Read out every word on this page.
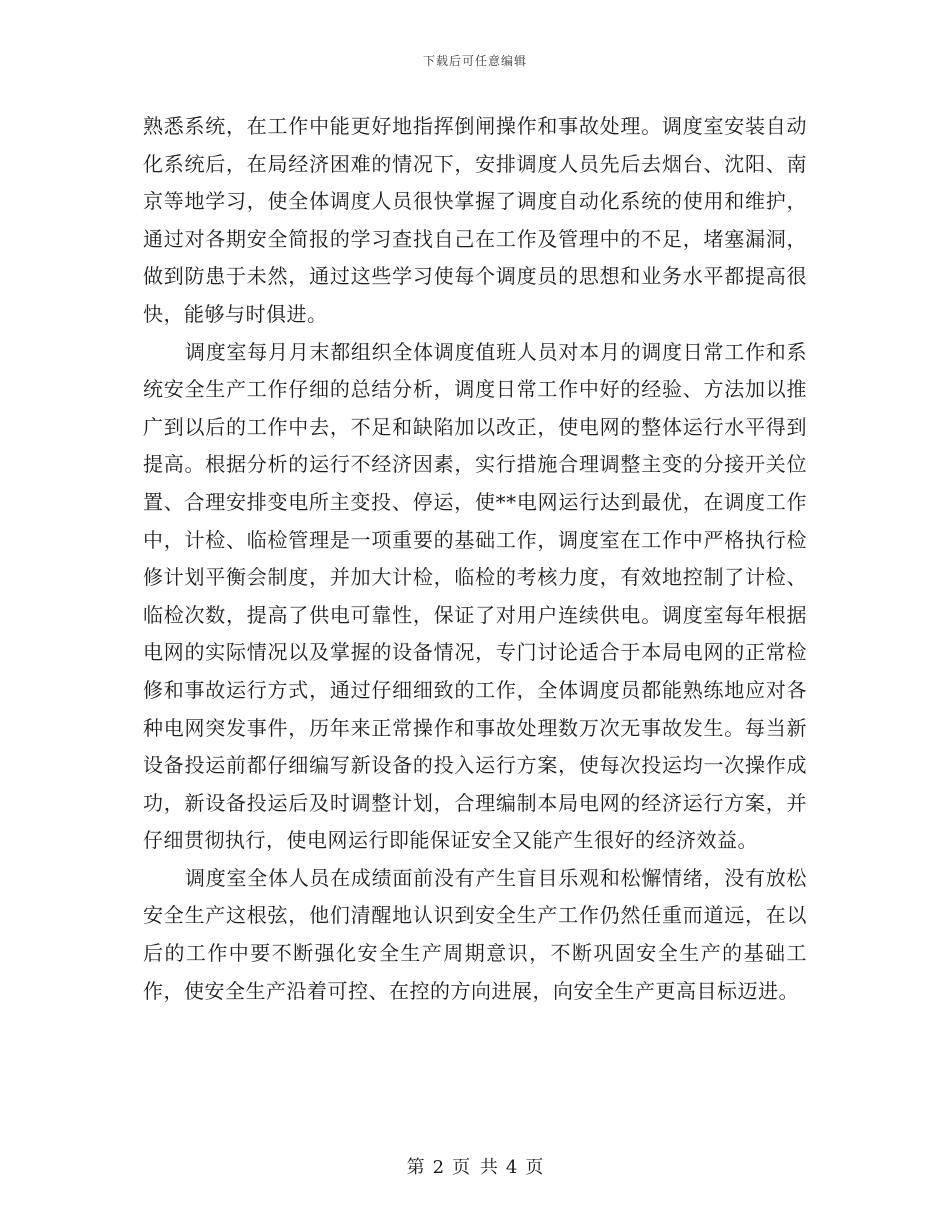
下载后可任意编辑

熟悉系统，在工作中能更好地指挥倒闸操作和事故处理。调度室安装自动化系统后，在局经济困难的情况下，安排调度人员先后去烟台、沈阳、南京等地学习，使全体调度人员很快掌握了调度自动化系统的使用和维护，通过对各期安全简报的学习查找自己在工作及管理中的不足，堵塞漏洞，做到防患于未然，通过这些学习使每个调度员的思想和业务水平都提高很快，能够与时俱进。

调度室每月月末都组织全体调度值班人员对本月的调度日常工作和系统安全生产工作仔细的总结分析，调度日常工作中好的经验、方法加以推广到以后的工作中去，不足和缺陷加以改正，使电网的整体运行水平得到提高。根据分析的运行不经济因素，实行措施合理调整主变的分接开关位置、合理安排变电所主变投、停运，使**电网运行达到最优，在调度工作中，计检、临检管理是一项重要的基础工作，调度室在工作中严格执行检修计划平衡会制度，并加大计检，临检的考核力度，有效地控制了计检、临检次数，提高了供电可靠性，保证了对用户连续供电。调度室每年根据电网的实际情况以及掌握的设备情况，专门讨论适合于本局电网的正常检修和事故运行方式，通过仔细细致的工作，全体调度员都能熟练地应对各种电网突发事件，历年来正常操作和事故处理数万次无事故发生。每当新设备投运前都仔细编写新设备的投入运行方案，使每次投运均一次操作成功，新设备投运后及时调整计划，合理编制本局电网的经济运行方案，并仔细贯彻执行，使电网运行即能保证安全又能产生很好的经济效益。

调度室全体人员在成绩面前没有产生盲目乐观和松懈情绪，没有放松安全生产这根弦，他们清醒地认识到安全生产工作仍然任重而道远，在以后的工作中要不断强化安全生产周期意识，不断巩固安全生产的基础工作，使安全生产沿着可控、在控的方向进展，向安全生产更高目标迈进。

第 2 页 共 4 页
